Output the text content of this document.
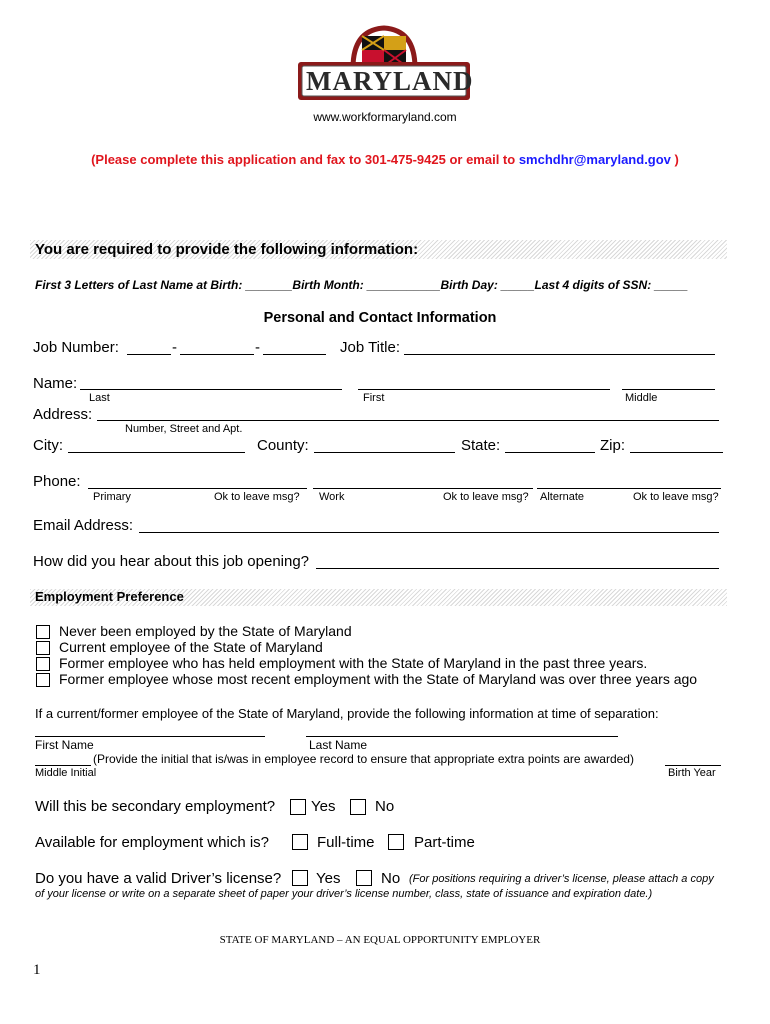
MARYLAND
www.workformaryland.com
(Please complete this application and fax to 301-475-9425 or email to smchdhr@maryland.gov )
You are required to provide the following information:
First 3 Letters of Last Name at Birth: _______Birth Month: ___________Birth Day: _____Last 4 digits of SSN: _____
Personal and Contact Information
Job Number:	-	-	Job Title:
Name:
Last	First	Middle
Address:
Number, Street and Apt.
City:	County:	State:	Zip:
Phone:
Primary	Ok to leave msg? Work	Ok to leave msg? Alternate	Ok to leave msg?
Email Address:
How did you hear about this job opening?
Employment Preference
Never been employed by the State of Maryland
Current employee of the State of Maryland
Former employee who has held employment with the State of Maryland in the past three years.
Former employee whose most recent employment with the State of Maryland was over three years ago
If a current/former employee of the State of Maryland, provide the following information at time of separation:
First Name	Last Name
(Provide the initial that is/was in employee record to ensure that appropriate extra points are awarded)
Middle Initial	Birth Year
Will this be secondary employment? Yes	No
Available for employment which is?	Full-time	Part-time
Do you have a valid Driver’s license? Yes	No (For positions requiring a driver’s license, please attach a copy
of your license or write on a separate sheet of paper your driver’s license number, class, state of issuance and expiration date.)
STATE OF MARYLAND – AN EQUAL OPPORTUNITY EMPLOYER
1
